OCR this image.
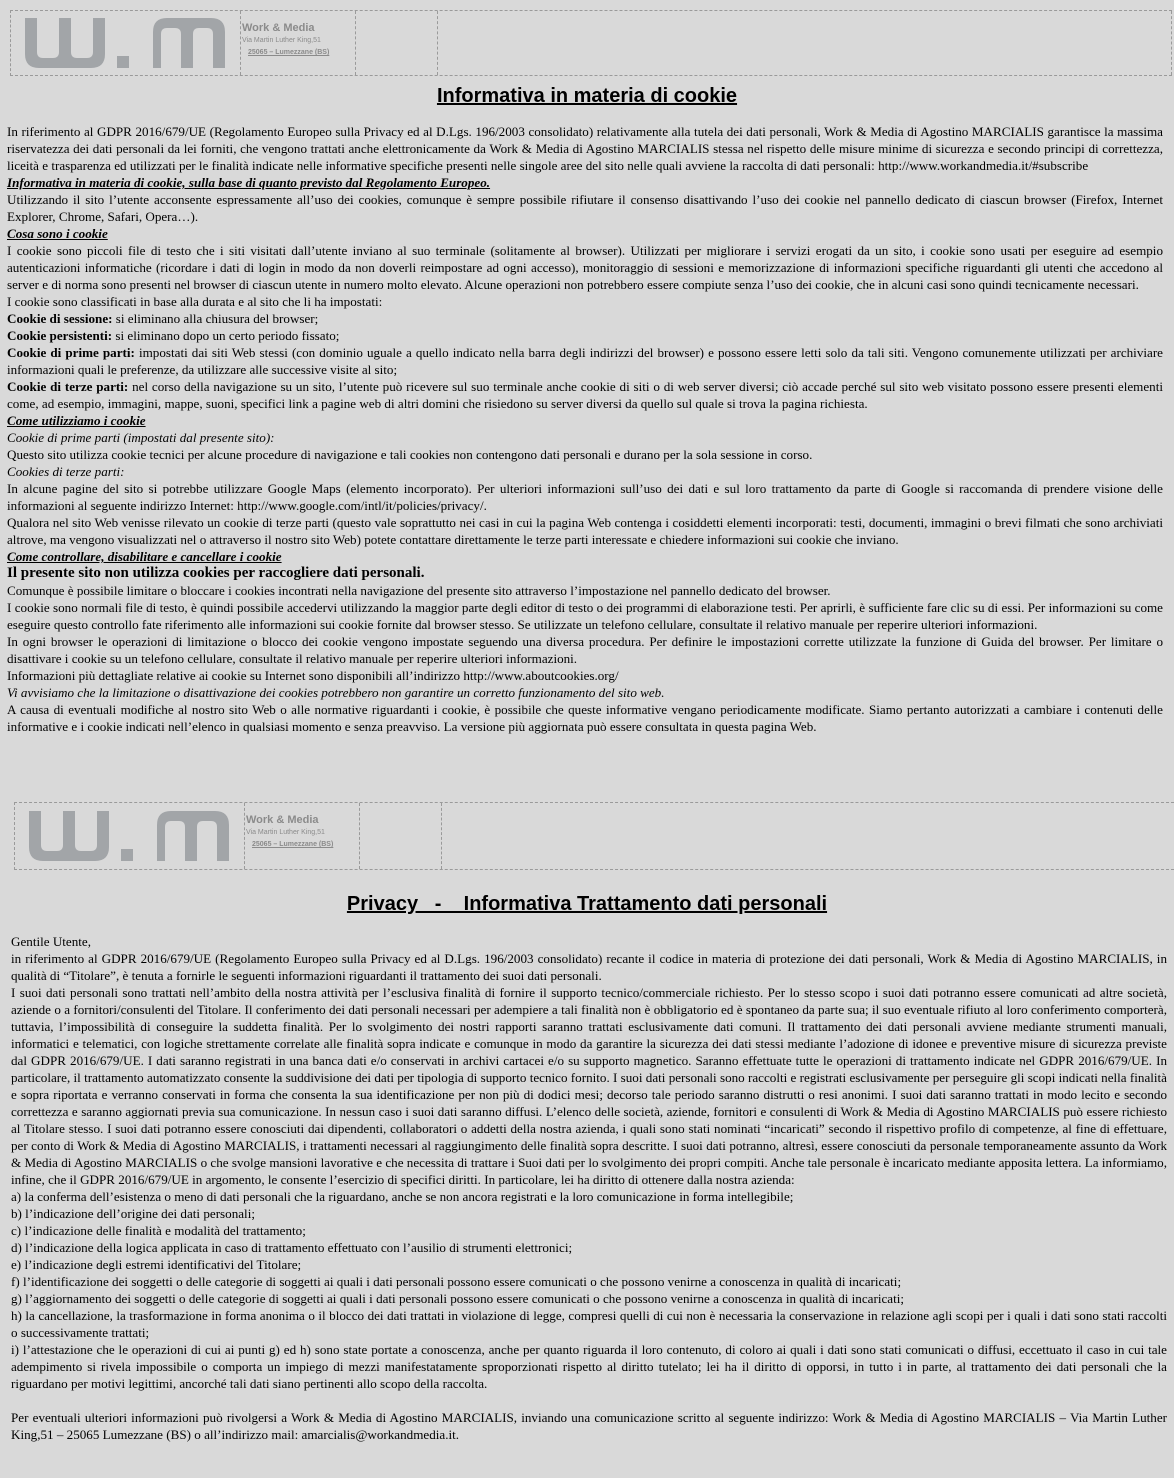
Work & Media
Via Martin Luther King,51
25065 – Lumezzane (BS)
Informativa in materia di cookie

In riferimento al GDPR 2016/679/UE (Regolamento Europeo sulla Privacy ed al D.Lgs. 196/2003 consolidato) relativamente alla tutela dei dati personali, Work & Media di Agostino MARCIALIS garantisce la massima riservatezza dei dati personali da lei forniti, che vengono trattati anche elettronicamente da Work & Media di Agostino MARCIALIS stessa nel rispetto delle misure minime di sicurezza e secondo principi di correttezza, liceità e trasparenza ed utilizzati per le finalità indicate nelle informative specifiche presenti nelle singole aree del sito nelle quali avviene la raccolta di dati personali: http://www.workandmedia.it/#subscribe

Informativa in materia di cookie, sulla base di quanto previsto dal Regolamento Europeo.

Utilizzando il sito l’utente acconsente espressamente all’uso dei cookies, comunque è sempre possibile rifiutare il consenso disattivando l’uso dei cookie nel pannello dedicato di ciascun browser (Firefox, Internet Explorer, Chrome, Safari, Opera…).

Cosa sono i cookie

I cookie sono piccoli file di testo che i siti visitati dall’utente inviano al suo terminale (solitamente al browser). Utilizzati per migliorare i servizi erogati da un sito, i cookie sono usati per eseguire ad esempio autenticazioni informatiche (ricordare i dati di login in modo da non doverli reimpostare ad ogni accesso), monitoraggio di sessioni e memorizzazione di informazioni specifiche riguardanti gli utenti che accedono al server e di norma sono presenti nel browser di ciascun utente in numero molto elevato. Alcune operazioni non potrebbero essere compiute senza l’uso dei cookie, che in alcuni casi sono quindi tecnicamente necessari.

I cookie sono classificati in base alla durata e al sito che li ha impostati:

Cookie di sessione: si eliminano alla chiusura del browser;

Cookie persistenti: si eliminano dopo un certo periodo fissato;

Cookie di prime parti: impostati dai siti Web stessi (con dominio uguale a quello indicato nella barra degli indirizzi del browser) e possono essere letti solo da tali siti. Vengono comunemente utilizzati per archiviare informazioni quali le preferenze, da utilizzare alle successive visite al sito;

Cookie di terze parti: nel corso della navigazione su un sito, l’utente può ricevere sul suo terminale anche cookie di siti o di web server diversi; ciò accade perché sul sito web visitato possono essere presenti elementi come, ad esempio, immagini, mappe, suoni, specifici link a pagine web di altri domini che risiedono su server diversi da quello sul quale si trova la pagina richiesta.

Come utilizziamo i cookie

Cookie di prime parti (impostati dal presente sito):

Questo sito utilizza cookie tecnici per alcune procedure di navigazione e tali cookies non contengono dati personali e durano per la sola sessione in corso.

Cookies di terze parti:

In alcune pagine del sito si potrebbe utilizzare Google Maps (elemento incorporato). Per ulteriori informazioni sull’uso dei dati e sul loro trattamento da parte di Google si raccomanda di prendere visione delle informazioni al seguente indirizzo Internet: http://www.google.com/intl/it/policies/privacy/.

Qualora nel sito Web venisse rilevato un cookie di terze parti (questo vale soprattutto nei casi in cui la pagina Web contenga i cosiddetti elementi incorporati: testi, documenti, immagini o brevi filmati che sono archiviati altrove, ma vengono visualizzati nel o attraverso il nostro sito Web) potete contattare direttamente le terze parti interessate e chiedere informazioni sui cookie che inviano.

Come controllare, disabilitare e cancellare i cookie

Il presente sito non utilizza cookies per raccogliere dati personali.

Comunque è possibile limitare o bloccare i cookies incontrati nella navigazione del presente sito attraverso l’impostazione nel pannello dedicato del browser.

I cookie sono normali file di testo, è quindi possibile accedervi utilizzando la maggior parte degli editor di testo o dei programmi di elaborazione testi. Per aprirli, è sufficiente fare clic su di essi. Per informazioni su come eseguire questo controllo fate riferimento alle informazioni sui cookie fornite dal browser stesso. Se utilizzate un telefono cellulare, consultate il relativo manuale per reperire ulteriori informazioni.

In ogni browser le operazioni di limitazione o blocco dei cookie vengono impostate seguendo una diversa procedura. Per definire le impostazioni corrette utilizzate la funzione di Guida del browser. Per limitare o disattivare i cookie su un telefono cellulare, consultate il relativo manuale per reperire ulteriori informazioni.

Informazioni più dettagliate relative ai cookie su Internet sono disponibili all’indirizzo http://www.aboutcookies.org/

Vi avvisiamo che la limitazione o disattivazione dei cookies potrebbero non garantire un corretto funzionamento del sito web.

A causa di eventuali modifiche al nostro sito Web o alle normative riguardanti i cookie, è possibile che queste informative vengano periodicamente modificate. Siamo pertanto autorizzati a cambiare i contenuti delle informative e i cookie indicati nell’elenco in qualsiasi momento e senza preavviso. La versione più aggiornata può essere consultata in questa pagina Web.

Work & Media
Via Martin Luther King,51
25065 – Lumezzane (BS)
Privacy   -    Informativa Trattamento dati personali

Gentile Utente,

in riferimento al GDPR 2016/679/UE (Regolamento Europeo sulla Privacy ed al D.Lgs. 196/2003 consolidato) recante il codice in materia di protezione dei dati personali, Work & Media di Agostino MARCIALIS, in qualità di “Titolare”, è tenuta a fornirle le seguenti informazioni riguardanti il trattamento dei suoi dati personali.

I suoi dati personali sono trattati nell’ambito della nostra attività per l’esclusiva finalità di fornire il supporto tecnico/commerciale richiesto. Per lo stesso scopo i suoi dati potranno essere comunicati ad altre società, aziende o a fornitori/consulenti del Titolare. Il conferimento dei dati personali necessari per adempiere a tali finalità non è obbligatorio ed è spontaneo da parte sua; il suo eventuale rifiuto al loro conferimento comporterà, tuttavia, l’impossibilità di conseguire la suddetta finalità. Per lo svolgimento dei nostri rapporti saranno trattati esclusivamente dati comuni. Il trattamento dei dati personali avviene mediante strumenti manuali, informatici e telematici, con logiche strettamente correlate alle finalità sopra indicate e comunque in modo da garantire la sicurezza dei dati stessi mediante l’adozione di idonee e preventive misure di sicurezza previste dal GDPR 2016/679/UE. I dati saranno registrati in una banca dati e/o conservati in archivi cartacei e/o su supporto magnetico. Saranno effettuate tutte le operazioni di trattamento indicate nel GDPR 2016/679/UE. In particolare, il trattamento automatizzato consente la suddivisione dei dati per tipologia di supporto tecnico fornito. I suoi dati personali sono raccolti e registrati esclusivamente per perseguire gli scopi indicati nella finalità e sopra riportata e verranno conservati in forma che consenta la sua identificazione per non più di dodici mesi; decorso tale periodo saranno distrutti o resi anonimi. I suoi dati saranno trattati in modo lecito e secondo correttezza e saranno aggiornati previa sua comunicazione. In nessun caso i suoi dati saranno diffusi. L’elenco delle società, aziende, fornitori e consulenti di Work & Media di Agostino MARCIALIS può essere richiesto al Titolare stesso. I suoi dati potranno essere conosciuti dai dipendenti, collaboratori o addetti della nostra azienda, i quali sono stati nominati “incaricati” secondo il rispettivo profilo di competenze, al fine di effettuare, per conto di Work & Media di Agostino MARCIALIS, i trattamenti necessari al raggiungimento delle finalità sopra descritte. I suoi dati potranno, altresì, essere conosciuti da personale temporaneamente assunto da Work & Media di Agostino MARCIALIS o che svolge mansioni lavorative e che necessita di trattare i Suoi dati per lo svolgimento dei propri compiti. Anche tale personale è incaricato mediante apposita lettera. La informiamo, infine, che il GDPR 2016/679/UE in argomento, le consente l’esercizio di specifici diritti. In particolare, lei ha diritto di ottenere dalla nostra azienda:

a) la conferma dell’esistenza o meno di dati personali che la riguardano, anche se non ancora registrati e la loro comunicazione in forma intellegibile;

b) l’indicazione dell’origine dei dati personali;

c) l’indicazione delle finalità e modalità del trattamento;

d) l’indicazione della logica applicata in caso di trattamento effettuato con l’ausilio di strumenti elettronici;

e) l’indicazione degli estremi identificativi del Titolare;

f) l’identificazione dei soggetti o delle categorie di soggetti ai quali i dati personali possono essere comunicati o che possono venirne a conoscenza in qualità di incaricati;

g) l’aggiornamento dei soggetti o delle categorie di soggetti ai quali i dati personali possono essere comunicati o che possono venirne a conoscenza in qualità di incaricati;

h) la cancellazione, la trasformazione in forma anonima o il blocco dei dati trattati in violazione di legge, compresi quelli di cui non è necessaria la conservazione in relazione agli scopi per i quali i dati sono stati raccolti o successivamente trattati;

i) l’attestazione che le operazioni di cui ai punti g) ed h) sono state portate a conoscenza, anche per quanto riguarda il loro contenuto, di coloro ai quali i dati sono stati comunicati o diffusi, eccettuato il caso in cui tale adempimento si rivela impossibile o comporta un impiego di mezzi manifestatamente sproporzionati rispetto al diritto tutelato; lei ha il diritto di opporsi, in tutto i in parte, al trattamento dei dati personali che la riguardano per motivi legittimi, ancorché tali dati siano pertinenti allo scopo della raccolta.

Per eventuali ulteriori informazioni può rivolgersi a Work & Media di Agostino MARCIALIS, inviando una comunicazione scritto al seguente indirizzo: Work & Media di Agostino MARCIALIS – Via Martin Luther King,51 – 25065 Lumezzane (BS) o all’indirizzo mail: amarcialis@workandmedia.it.
